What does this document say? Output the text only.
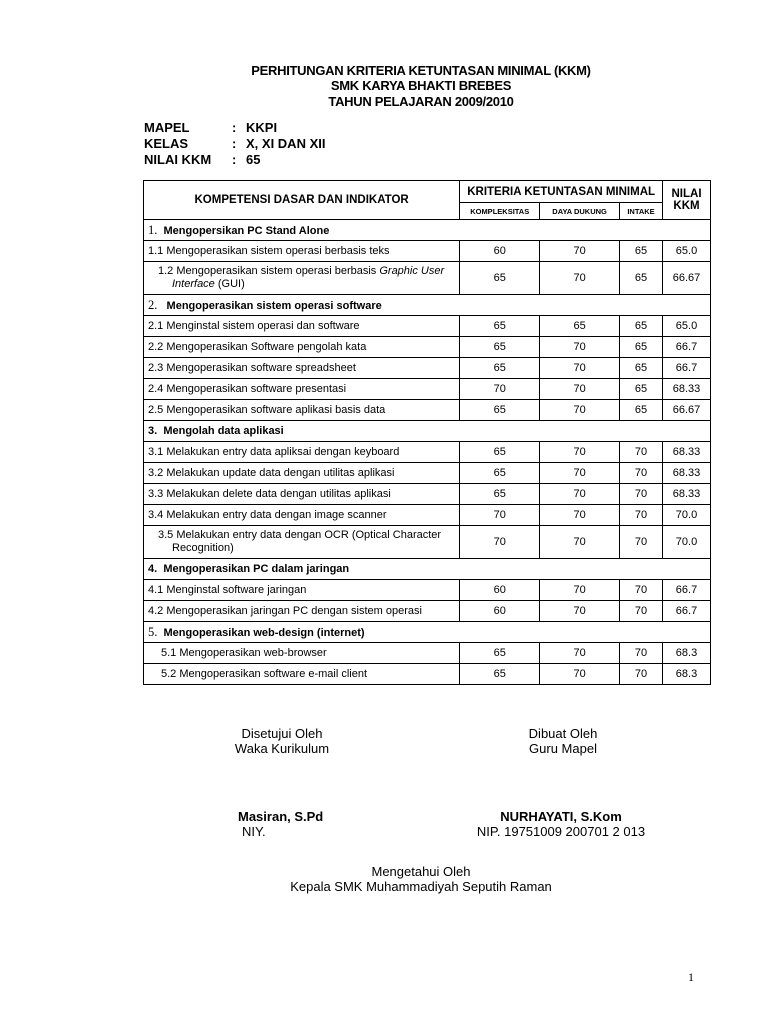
PERHITUNGAN KRITERIA KETUNTASAN MINIMAL (KKM)
SMK KARYA BHAKTI BREBES
TAHUN PELAJARAN 2009/2010
MAPEL	: KKPI
KELAS	: X, XI DAN XII
NILAI KKM	: 65
KOMPETENSI DASAR DAN INDIKATOR	KRITERIA KETUNTASAN MINIMAL			NILAI
KKM
	KOMPLEKSITAS	DAYA DUKUNG	INTAKE	
1. Mengopersikan PC Stand Alone				
1.1 Mengoperasikan sistem operasi berbasis teks	60	70	65	65.0
1.2 Mengoperasikan sistem operasi berbasis Graphic User Interface (GUI)	65	70	65	66.67
2. Mengoperasikan sistem operasi software				
2.1 Menginstal sistem operasi dan software	65	65	65	65.0
2.2 Mengoperasikan Software pengolah kata	65	70	65	66.7
2.3 Mengoperasikan software spreadsheet	65	70	65	66.7
2.4 Mengoperasikan software presentasi	70	70	65	68.33
2.5 Mengoperasikan software aplikasi basis data	65	70	65	66.67
3. Mengolah data aplikasi				
3.1 Melakukan entry data apliksai dengan keyboard	65	70	70	68.33
3.2 Melakukan update data dengan utilitas aplikasi	65	70	70	68.33
3.3 Melakukan delete data dengan utilitas aplikasi	65	70	70	68.33
3.4 Melakukan entry data dengan image scanner	70	70	70	70.0
3.5 Melakukan entry data dengan OCR (Optical Character Recognition)	70	70	70	70.0
4. Mengoperasikan PC dalam jaringan				
4.1 Menginstal software jaringan	60	70	70	66.7
4.2 Mengoperasikan jaringan PC dengan sistem operasi	60	70	70	66.7
5. Mengoperasikan web-design (internet)				
5.1 Mengoperasikan web-browser	65	70	70	68.3
5.2 Mengoperasikan software e-mail client	65	70	70	68.3
Disetujui Oleh
Waka Kurikulum
Dibuat Oleh
Guru Mapel
Masiran, S.Pd
NIY.
NURHAYATI, S.Kom
NIP. 19751009 200701 2 013
Mengetahui Oleh
Kepala SMK Muhammadiyah Seputih Raman
1
